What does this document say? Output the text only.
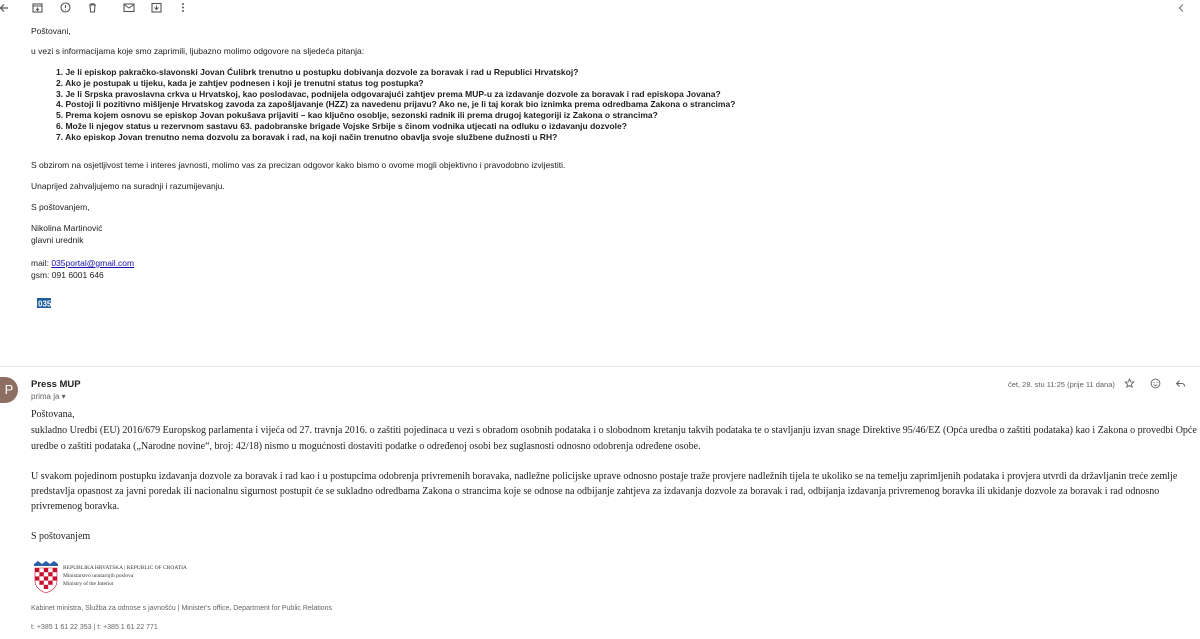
Poštovani,
u vezi s informacijama koje smo zaprimili, ljubazno molimo odgovore na sljedeća pitanja:
1. Je li episkop pakračko-slavonski Jovan Ćulibrk trenutno u postupku dobivanja dozvole za boravak i rad u Republici Hrvatskoj?
2. Ako je postupak u tijeku, kada je zahtjev podnesen i koji je trenutni status tog postupka?
3. Je li Srpska pravoslavna crkva u Hrvatskoj, kao poslodavac, podnijela odgovarajući zahtjev prema MUP-u za izdavanje dozvole za boravak i rad episkopa Jovana?
4. Postoji li pozitivno mišljenje Hrvatskog zavoda za zapošljavanje (HZZ) za navedenu prijavu? Ako ne, je li taj korak bio iznimka prema odredbama Zakona o strancima?
5. Prema kojem osnovu se episkop Jovan pokušava prijaviti – kao ključno osoblje, sezonski radnik ili prema drugoj kategoriji iz Zakona o strancima?
6. Može li njegov status u rezervnom sastavu 63. padobranske brigade Vojske Srbije s činom vodnika utjecati na odluku o izdavanju dozvole?
7. Ako episkop Jovan trenutno nema dozvolu za boravak i rad, na koji način trenutno obavlja svoje službene dužnosti u RH?
S obzirom na osjetljivost teme i interes javnosti, molimo vas za precizan odgovor kako bismo o ovome mogli objektivno i pravodobno izvijestiti.
Unaprijed zahvaljujemo na suradnji i razumijevanju.
S poštovanjem,
Nikolina Martinović
glavni urednik
mail: 035portal@gmail.com
gsm: 091 6001 646
035portal.hr
P	Press MUP
prima ja ▾
čet, 28. stu 11:25 (prije 11 dana)
Poštovana,
sukladno Uredbi (EU) 2016/679 Europskog parlamenta i vijeća od 27. travnja 2016. o zaštiti pojedinaca u vezi s obradom osobnih podataka i o slobodnom kretanju takvih podataka te o stavljanju izvan snage Direktive 95/46/EZ (Opća uredba o zaštiti podataka) kao i Zakona o provedbi Opće
uredbe o zaštiti podataka („Narodne novine“, broj: 42/18) nismo u mogućnosti dostaviti podatke o određenoj osobi bez suglasnosti odnosno odobrenja određene osobe.
U svakom pojedinom postupku izdavanja dozvole za boravak i rad kao i u postupcima odobrenja privremenih boravaka, nadležne policijske uprave odnosno postaje traže provjere nadležnih tijela te ukoliko se na temelju zaprimljenih podataka i provjera utvrdi da državljanin treće zemlje
predstavlja opasnost za javni poredak ili nacionalnu sigurnost postupit će se sukladno odredbama Zakona o strancima koje se odnose na odbijanje zahtjeva za izdavanja dozvole za boravak i rad, odbijanja izdavanja privremenog boravka ili ukidanje dozvole za boravak i rad odnosno
privremenog boravka.
S poštovanjem
REPUBLIKA HRVATSKA | REPUBLIC OF CROATIA
Ministarstvo unutarnjih poslova
Ministry of the Interior
Kabinet ministra, Služba za odnose s javnošću | Minister's office, Department for Public Relations
t: +385 1 61 22 353 | t: +385 1 61 22 771
